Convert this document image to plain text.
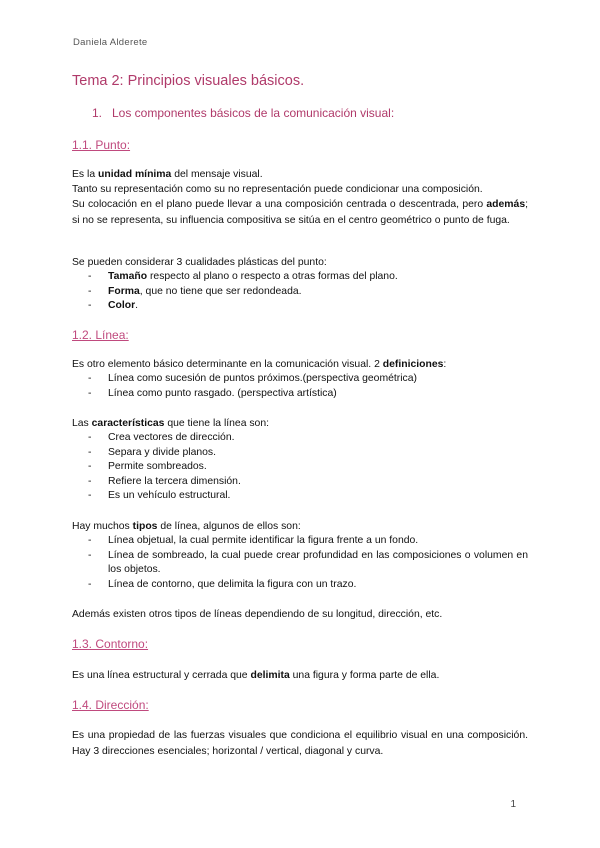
Daniela Alderete
Tema 2: Principios visuales básicos.
1. Los componentes básicos de la comunicación visual:
1.1. Punto:
Es la unidad mínima del mensaje visual.
Tanto su representación como su no representación puede condicionar una composición.
Su colocación en el plano puede llevar a una composición centrada o descentrada, pero además; si no se representa, su influencia compositiva se sitúa en el centro geométrico o punto de fuga.
Se pueden considerar 3 cualidades plásticas del punto:
- Tamaño respecto al plano o respecto a otras formas del plano.
- Forma, que no tiene que ser redondeada.
- Color.
1.2. Línea:
Es otro elemento básico determinante en la comunicación visual. 2 definiciones:
- Línea como sucesión de puntos próximos.(perspectiva geométrica)
- Línea como punto rasgado. (perspectiva artística)
Las características que tiene la línea son:
- Crea vectores de dirección.
- Separa y divide planos.
- Permite sombreados.
- Refiere la tercera dimensión.
- Es un vehículo estructural.
Hay muchos tipos de línea, algunos de ellos son:
- Línea objetual, la cual permite identificar la figura frente a un fondo.
- Línea de sombreado, la cual puede crear profundidad en las composiciones o volumen en los objetos.
- Línea de contorno, que delimita la figura con un trazo.
Además existen otros tipos de líneas dependiendo de su longitud, dirección, etc.
1.3. Contorno:
Es una línea estructural y cerrada que delimita una figura y forma parte de ella.
1.4. Dirección:
Es una propiedad de las fuerzas visuales que condiciona el equilibrio visual en una composición. Hay 3 direcciones esenciales; horizontal / vertical, diagonal y curva.
1
